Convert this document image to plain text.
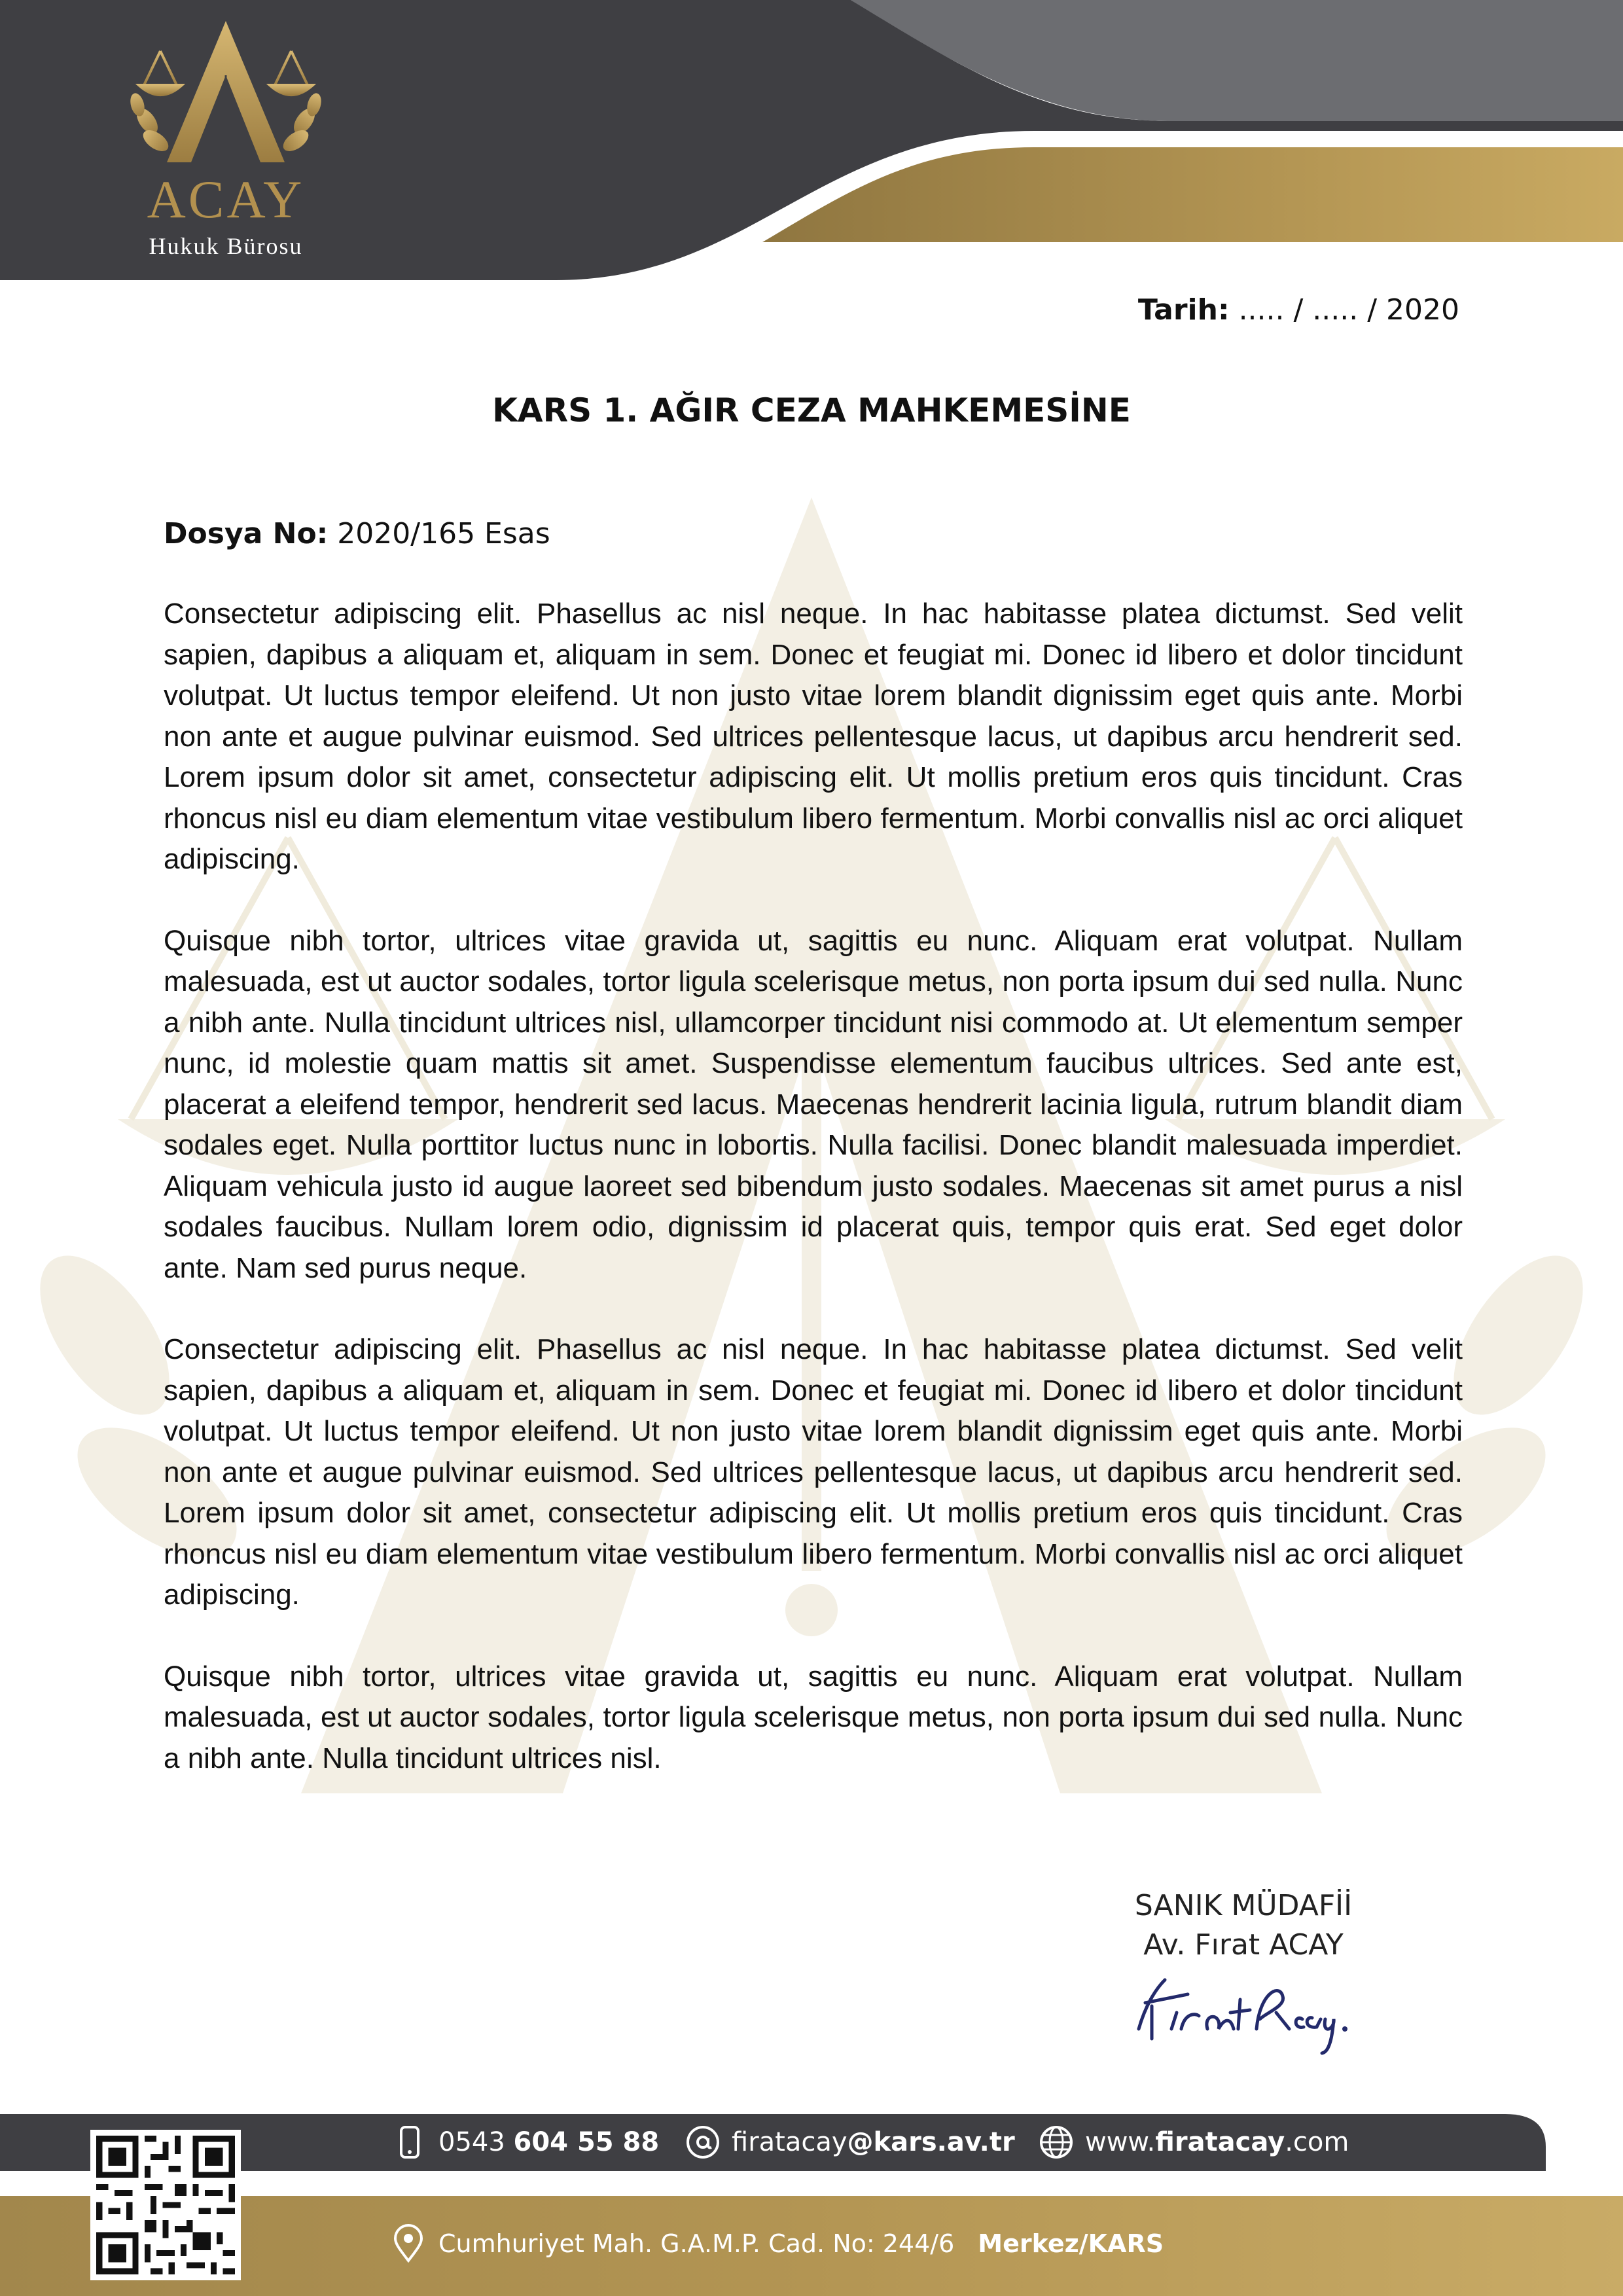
ACAY
Hukuk Bürosu
Tarih: ..... / ..... / 2020
KARS 1. AĞIR CEZA MAHKEMESİNE
Dosya No: 2020/165 Esas

Consectetur adipiscing elit. Phasellus ac nisl neque. In hac habitasse platea dictumst. Sed velit sapien, dapibus a aliquam et, aliquam in sem. Donec et feugiat mi. Donec id libero et dolor tincidunt volutpat. Ut luctus tempor eleifend. Ut non justo vitae lorem blandit dignissim eget quis ante. Morbi non ante et augue pulvinar euismod. Sed ultrices pellentesque lacus, ut dapibus arcu hendrerit sed. Lorem ipsum dolor sit amet, consectetur adipiscing elit. Ut mollis pretium eros quis tincidunt. Cras rhoncus nisl eu diam elementum vitae vestibulum libero fermentum. Morbi convallis nisl ac orci aliquet adipiscing.

Quisque nibh tortor, ultrices vitae gravida ut, sagittis eu nunc. Aliquam erat volutpat. Nullam malesuada, est ut auctor sodales, tortor ligula scelerisque metus, non porta ipsum dui sed nulla. Nunc a nibh ante. Nulla tincidunt ultrices nisl, ullamcorper tincidunt nisi commodo at. Ut elementum semper nunc, id molestie quam mattis sit amet. Suspendisse elementum faucibus ultrices. Sed ante est, placerat a eleifend tempor, hendrerit sed lacus. Maecenas hendrerit lacinia ligula, rutrum blandit diam sodales eget. Nulla porttitor luctus nunc in lobortis. Nulla facilisi. Donec blandit malesuada imperdiet. Aliquam vehicula justo id augue laoreet sed bibendum justo sodales. Maecenas sit amet purus a nisl sodales faucibus. Nullam lorem odio, dignissim id placerat quis, tempor quis erat. Sed eget dolor ante. Nam sed purus neque.

Consectetur adipiscing elit. Phasellus ac nisl neque. In hac habitasse platea dictumst. Sed velit sapien, dapibus a aliquam et, aliquam in sem. Donec et feugiat mi. Donec id libero et dolor tincidunt volutpat. Ut luctus tempor eleifend. Ut non justo vitae lorem blandit dignissim eget quis ante. Morbi non ante et augue pulvinar euismod. Sed ultrices pellentesque lacus, ut dapibus arcu hendrerit sed. Lorem ipsum dolor sit amet, consectetur adipiscing elit. Ut mollis pretium eros quis tincidunt. Cras rhoncus nisl eu diam elementum vitae vestibulum libero fermentum. Morbi convallis nisl ac orci aliquet adipiscing.

Quisque nibh tortor, ultrices vitae gravida ut, sagittis eu nunc. Aliquam erat volutpat. Nullam malesuada, est ut auctor sodales, tortor ligula scelerisque metus, non porta ipsum dui sed nulla. Nunc a nibh ante. Nulla tincidunt ultrices nisl.

SANIK MÜDAFİİ
Av. Fırat ACAY
0543 604 55 88	firatacay @kars.av.tr	www. firatacay .com
Cumhuriyet Mah. G.A.M.P. Cad. No: 244/6 Merkez/KARS
